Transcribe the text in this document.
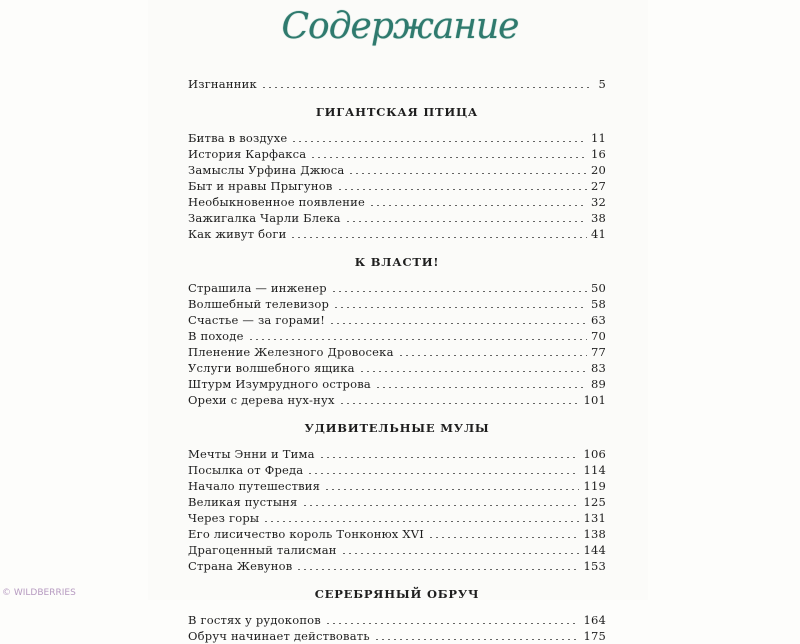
Содержание
Изгнанник	5
ГИГАНТСКАЯ ПТИЦА
Битва в воздухе	11
История Карфакса	16
Замыслы Урфина Джюса	20
Быт и нравы Прыгунов	27
Необыкновенное появление	32
Зажигалка Чарли Блека	38
Как живут боги	41
К ВЛАСТИ!
Страшила — инженер	50
Волшебный телевизор	58
Счастье — за горами!	63
В походе	70
Пленение Железного Дровосека	77
Услуги волшебного ящика	83
Штурм Изумрудного острова	89
Орехи с дерева нух-нух	101
УДИВИТЕЛЬНЫЕ МУЛЫ
Мечты Энни и Тима	106
Посылка от Фреда	114
Начало путешествия	119
Великая пустыня	125
Через горы	131
Его лисичество король Тонконюх XVI	138
Драгоценный талисман	144
Страна Жевунов	153
СЕРЕБРЯНЫЙ ОБРУЧ
В гостях у рудокопов	164
Обруч начинает действовать	175
© WILDBERRIES
